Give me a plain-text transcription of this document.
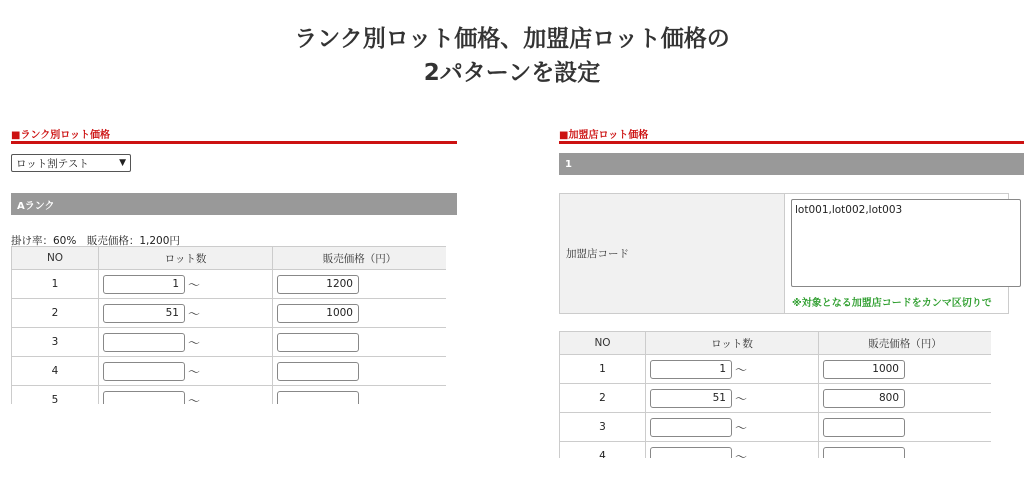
ランク別ロット価格、加盟店ロット価格の
2パターンを設定
■ランク別ロット価格
ロット割テスト	▼
Aランク
掛け率：60%　販売価格：1,200円
NO	ロット数	販売価格（円）
1	1 〜	1200
2	51 〜	1000
3	〜	
4	〜	
5	〜	
■加盟店ロット価格
1
加盟店コード
lot001,lot002,lot003
※対象となる加盟店コードをカンマ区切りで
NO	ロット数	販売価格（円）
1	1 〜	1000
2	51 〜	800
3	〜	
4	〜	
